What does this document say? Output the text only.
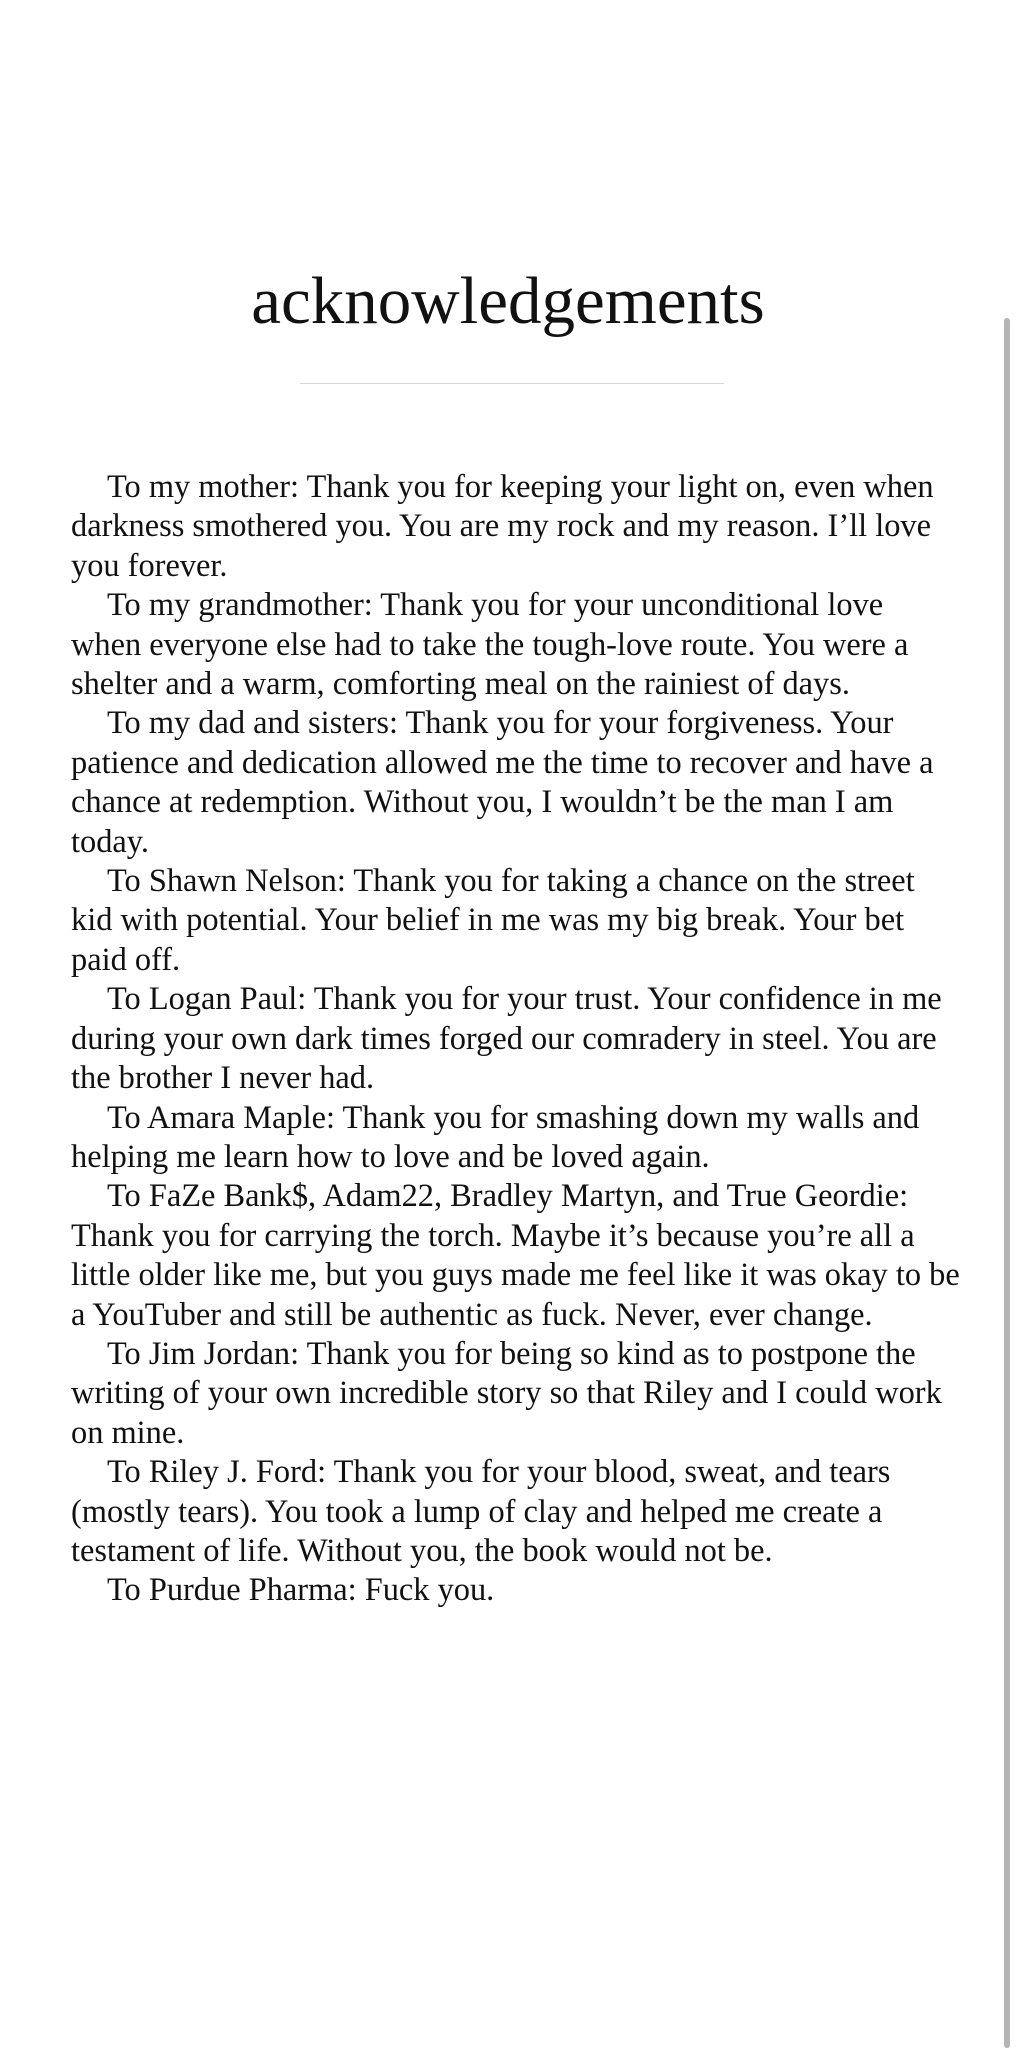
acknowledgements

To my mother: Thank you for keeping your light on, even when darkness smothered you. You are my rock and my reason. I’ll love you forever.

To my grandmother: Thank you for your unconditional love when everyone else had to take the tough-love route. You were a shelter and a warm, comforting meal on the rainiest of days.

To my dad and sisters: Thank you for your forgiveness. Your patience and dedication allowed me the time to recover and have a chance at redemption. Without you, I wouldn’t be the man I am today.

To Shawn Nelson: Thank you for taking a chance on the street kid with potential. Your belief in me was my big break. Your bet paid off.

To Logan Paul: Thank you for your trust. Your confidence in me during your own dark times forged our comradery in steel. You are the brother I never had.

To Amara Maple: Thank you for smashing down my walls and helping me learn how to love and be loved again.

To FaZe Bank$, Adam22, Bradley Martyn, and True Geordie: Thank you for carrying the torch. Maybe it’s because you’re all a little older like me, but you guys made me feel like it was okay to be a YouTuber and still be authentic as fuck. Never, ever change.

To Jim Jordan: Thank you for being so kind as to postpone the writing of your own incredible story so that Riley and I could work on mine.

To Riley J. Ford: Thank you for your blood, sweat, and tears (mostly tears). You took a lump of clay and helped me create a testament of life. Without you, the book would not be.

To Purdue Pharma: Fuck you.
